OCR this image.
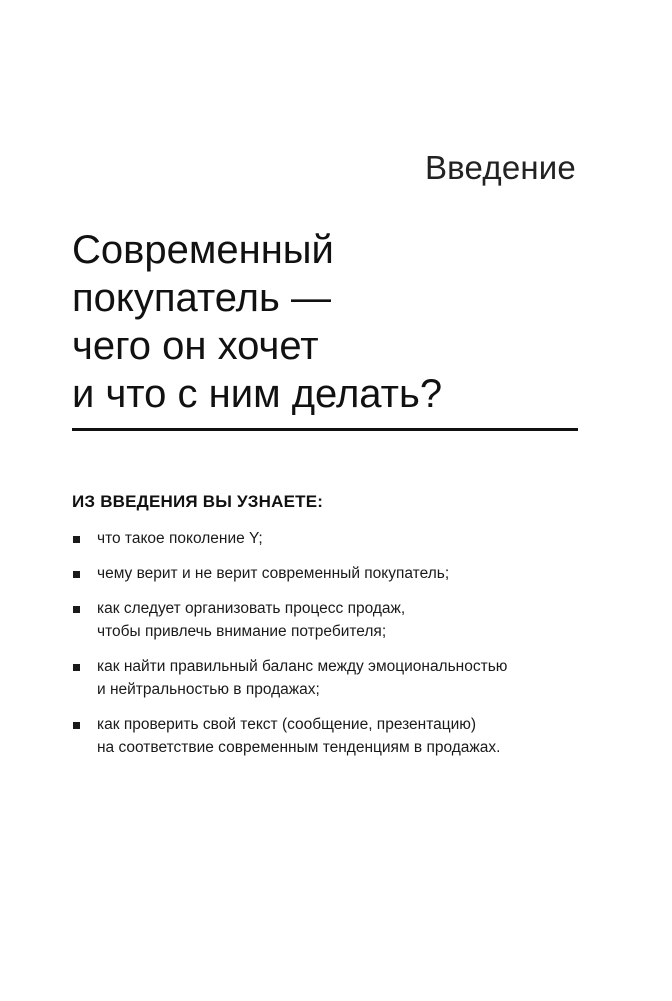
Введение
Современный
покупатель —
чего он хочет
и что с ним делать?
ИЗ ВВЕДЕНИЯ ВЫ УЗНАЕТЕ:
что такое поколение Y;
чему верит и не верит современный покупатель;
как следует организовать процесс продаж,
чтобы привлечь внимание потребителя;
как найти правильный баланс между эмоциональностью
и нейтральностью в продажах;
как проверить свой текст (сообщение, презентацию)
на соответствие современным тенденциям в продажах.
